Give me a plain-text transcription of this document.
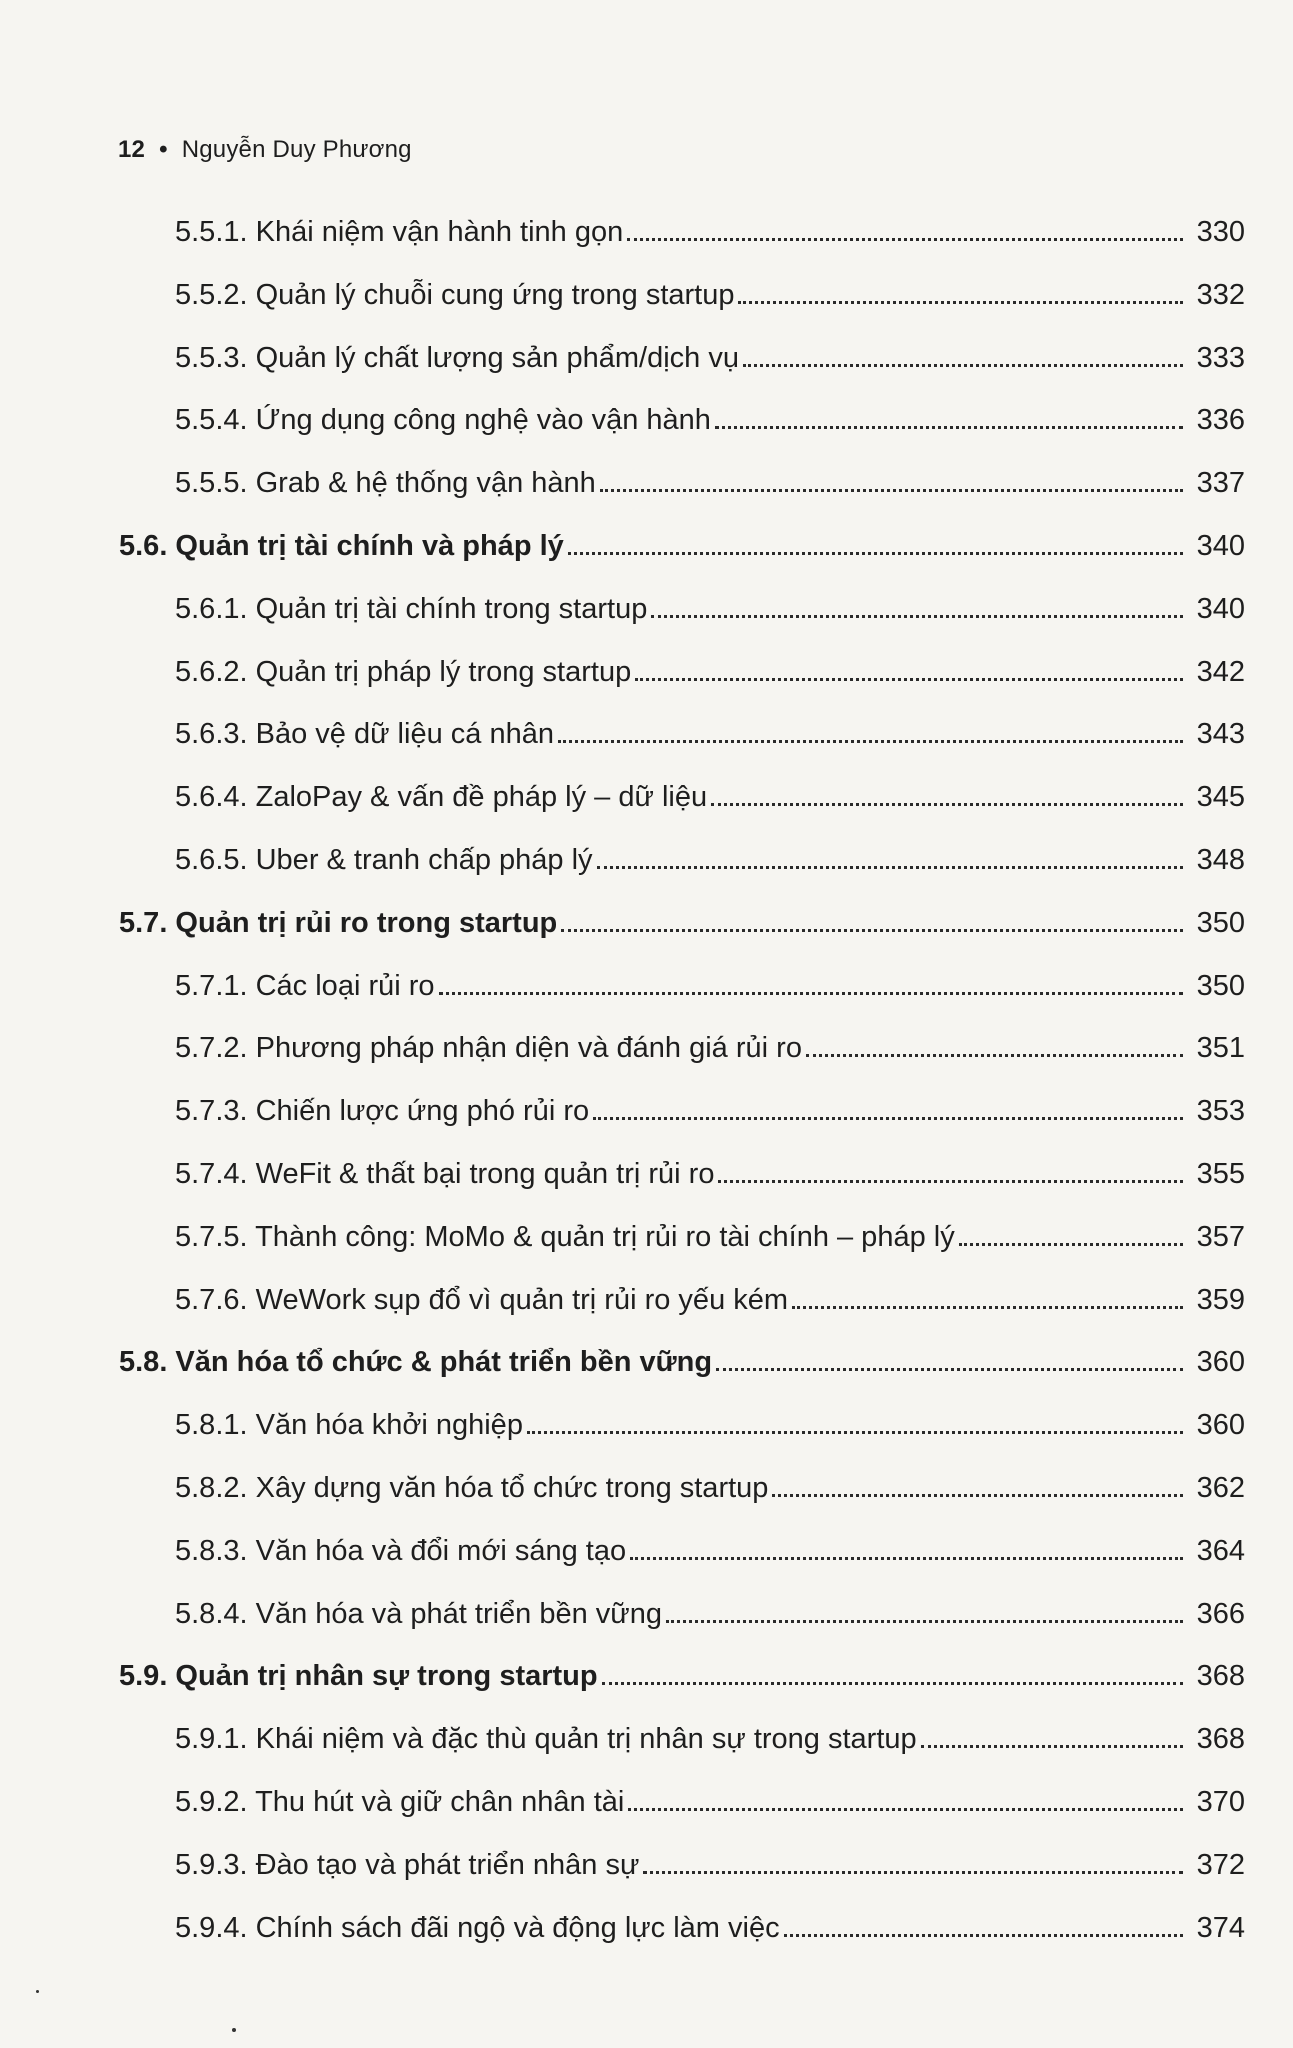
12 • Nguyễn Duy Phương
5.5.1. Khái niệm vận hành tinh gọn	330
5.5.2. Quản lý chuỗi cung ứng trong startup	332
5.5.3. Quản lý chất lượng sản phẩm/dịch vụ	333
5.5.4. Ứng dụng công nghệ vào vận hành	336
5.5.5. Grab & hệ thống vận hành	337
5.6. Quản trị tài chính và pháp lý	340
5.6.1. Quản trị tài chính trong startup	340
5.6.2. Quản trị pháp lý trong startup	342
5.6.3. Bảo vệ dữ liệu cá nhân	343
5.6.4. ZaloPay & vấn đề pháp lý – dữ liệu	345
5.6.5. Uber & tranh chấp pháp lý	348
5.7. Quản trị rủi ro trong startup	350
5.7.1. Các loại rủi ro	350
5.7.2. Phương pháp nhận diện và đánh giá rủi ro	351
5.7.3. Chiến lược ứng phó rủi ro	353
5.7.4. WeFit & thất bại trong quản trị rủi ro	355
5.7.5. Thành công: MoMo & quản trị rủi ro tài chính – pháp lý	357
5.7.6. WeWork sụp đổ vì quản trị rủi ro yếu kém	359
5.8. Văn hóa tổ chức & phát triển bền vững	360
5.8.1. Văn hóa khởi nghiệp	360
5.8.2. Xây dựng văn hóa tổ chức trong startup	362
5.8.3. Văn hóa và đổi mới sáng tạo	364
5.8.4. Văn hóa và phát triển bền vững	366
5.9. Quản trị nhân sự trong startup	368
5.9.1. Khái niệm và đặc thù quản trị nhân sự trong startup	368
5.9.2. Thu hút và giữ chân nhân tài	370
5.9.3. Đào tạo và phát triển nhân sự	372
5.9.4. Chính sách đãi ngộ và động lực làm việc	374
